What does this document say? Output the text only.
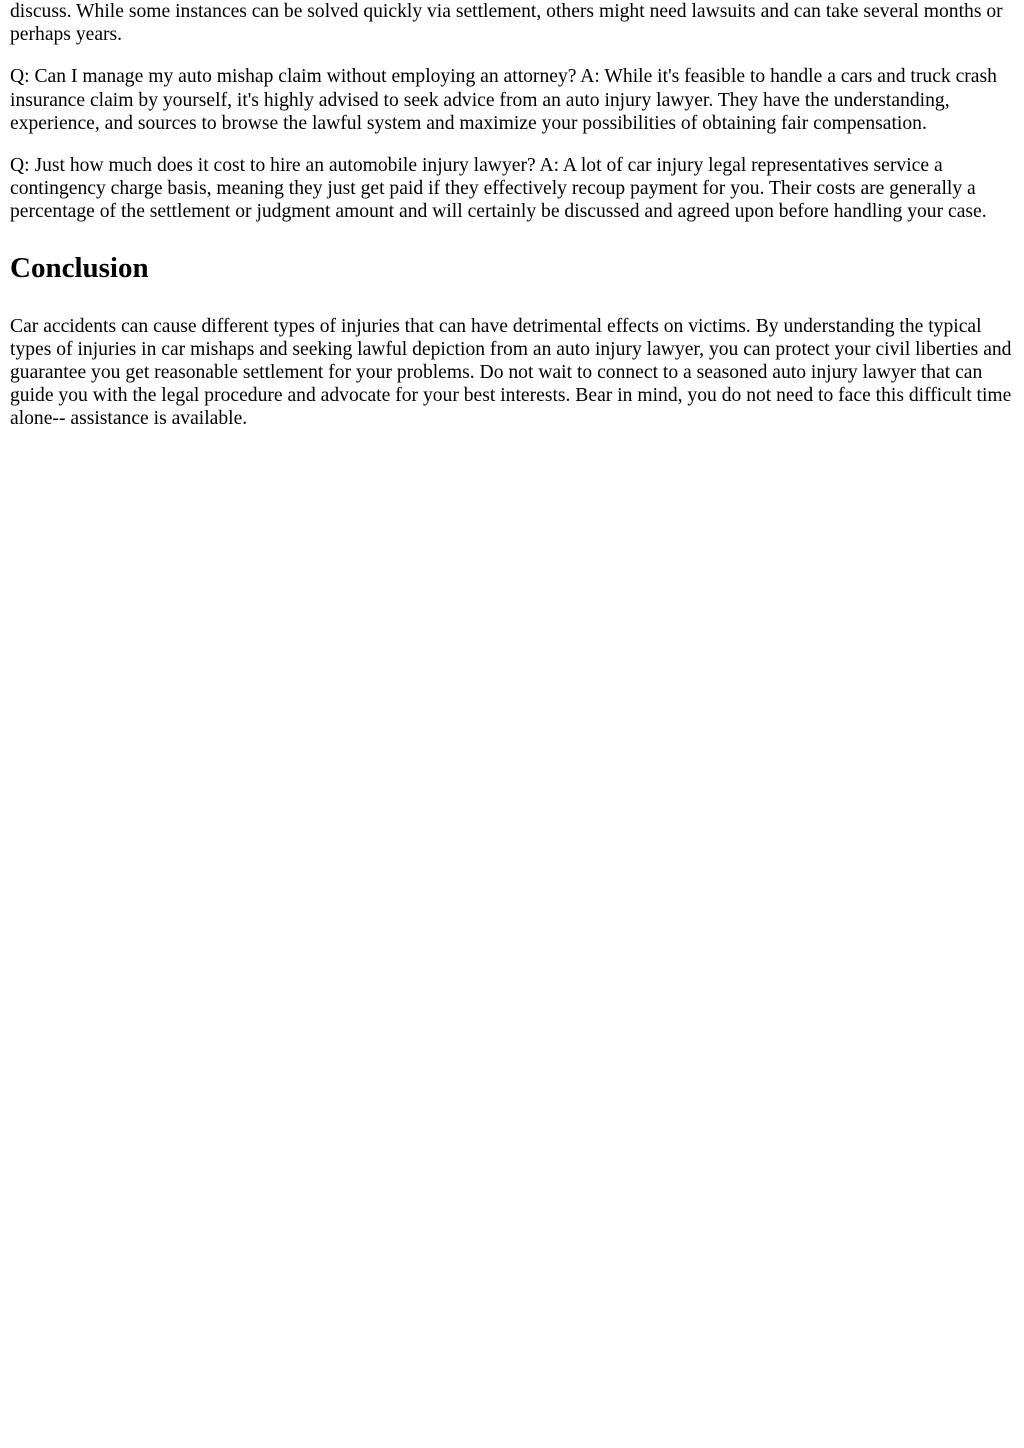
discuss. While some instances can be solved quickly via settlement, others might need lawsuits and can take several months or perhaps years.

Q: Can I manage my auto mishap claim without employing an attorney? A: While it's feasible to handle a cars and truck crash insurance claim by yourself, it's highly advised to seek advice from an auto injury lawyer. They have the understanding, experience, and sources to browse the lawful system and maximize your possibilities of obtaining fair compensation.

Q: Just how much does it cost to hire an automobile injury lawyer? A: A lot of car injury legal representatives service a contingency charge basis, meaning they just get paid if they effectively recoup payment for you. Their costs are generally a percentage of the settlement or judgment amount and will certainly be discussed and agreed upon before handling your case.

Conclusion

Car accidents can cause different types of injuries that can have detrimental effects on victims. By understanding the typical types of injuries in car mishaps and seeking lawful depiction from an auto injury lawyer, you can protect your civil liberties and guarantee you get reasonable settlement for your problems. Do not wait to connect to a seasoned auto injury lawyer that can guide you with the legal procedure and advocate for your best interests. Bear in mind, you do not need to face this difficult time alone-- assistance is available.
